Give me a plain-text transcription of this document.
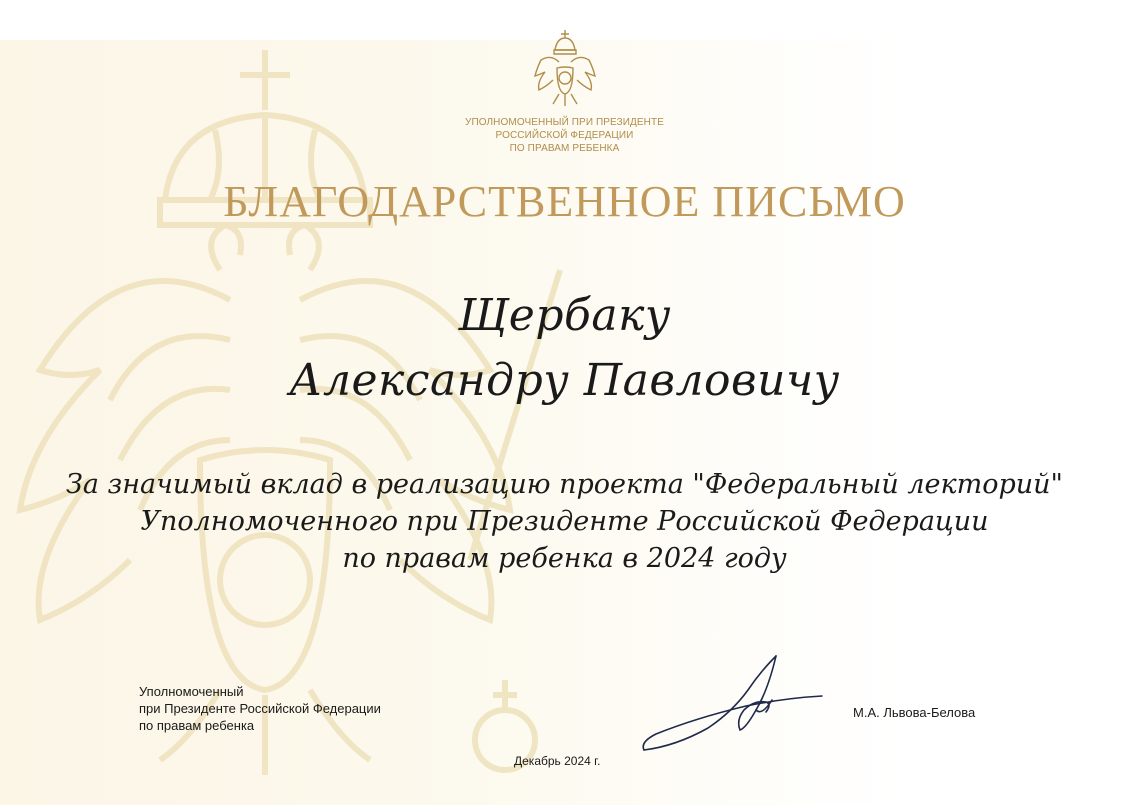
УПОЛНОМОЧЕННЫЙ ПРИ ПРЕЗИДЕНТЕ
РОССИЙСКОЙ ФЕДЕРАЦИИ
ПО ПРАВАМ РЕБЕНКА
БЛАГОДАРСТВЕННОЕ ПИСЬМО
Щербаку
Александру Павловичу
За значимый вклад в реализацию проекта "Федеральный лекторий"
Уполномоченного при Президенте Российской Федерации
по правам ребенка в 2024 году
Уполномоченный
при Президенте Российской Федерации
по правам ребенка
М.А. Львова-Белова
Декабрь 2024 г.
